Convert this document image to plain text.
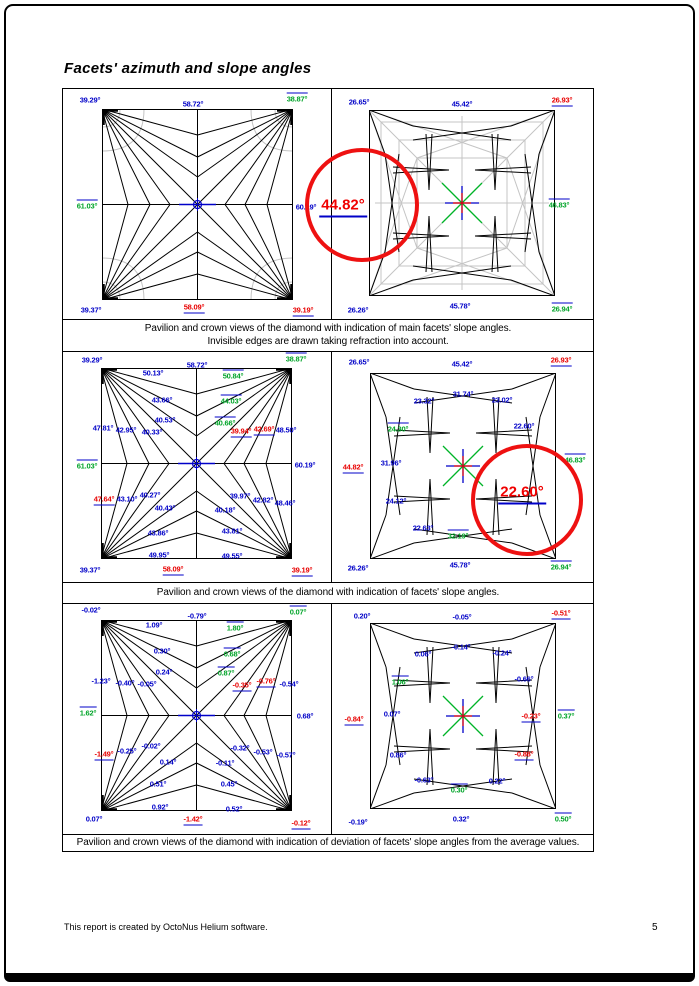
Facets' azimuth and slope angles
39.29°	58.72°
38.87°
61.03°	60.19°
39.37°	58.09°	39.19°
26.65°	45.42°	26.93°
46.83°
26.26°	45.78°	26.94°
Pavilion and crown views of the diamond with indication of main facets' slope angles.
Invisible edges are drawn taking refraction into account.
39.29°
58.72°
38.87°
50.13°	50.84°
43.66°	44.03°
40.53°	40.66°
47.81° 42.95° 40.33°	39.94° 42.69° 48.50°
61.03°	60.19°
47.64° 43.10° 40.27°	39.97° 42.82° 48.46°
40.43°	40.18°
43.86°	43.81°
49.95°	49.55°
39.37°	58.09°	39.19°
26.65°	45.42°	26.93°
31.74°
23.32°	23.02°
24.30°	22.60°
44.82° 31.96°	46.83°
24.12°
22.63°
32.19°
26.26°	45.78°	26.94°
Pavilion and crown views of the diamond with indication of facets' slope angles.
-0.02°
-0.79°	0.07°
1.09°	1.80°
0.30°	0.68°
0.24°	0.87°
-1.23° -0.40° -0.05°	-0.35° -0.76° -0.54°
1.62°	0.68°
-1.49° -0.25°
-0.02°
0.14°
-0.32° -0.53° -0.57°
-0.11°
0.51°	0.45°
0.92°	0.52°
0.07°	-1.42°	-0.12°
0.20°	-0.05°	-0.51°
-0.14°
0.06°	-0.24°
1.06°	-0.66°
-0.84°
0.07°	-0.23° 0.37°
0.86°	-0.88°
-0.63°	0.22°
0.30°
-0.19°	0.32°	0.50°
Pavilion and crown views of the diamond with indication of deviation of facets' slope angles from the average values.
44.82°
22.60°
This report is created by OctoNus Helium software.	5
